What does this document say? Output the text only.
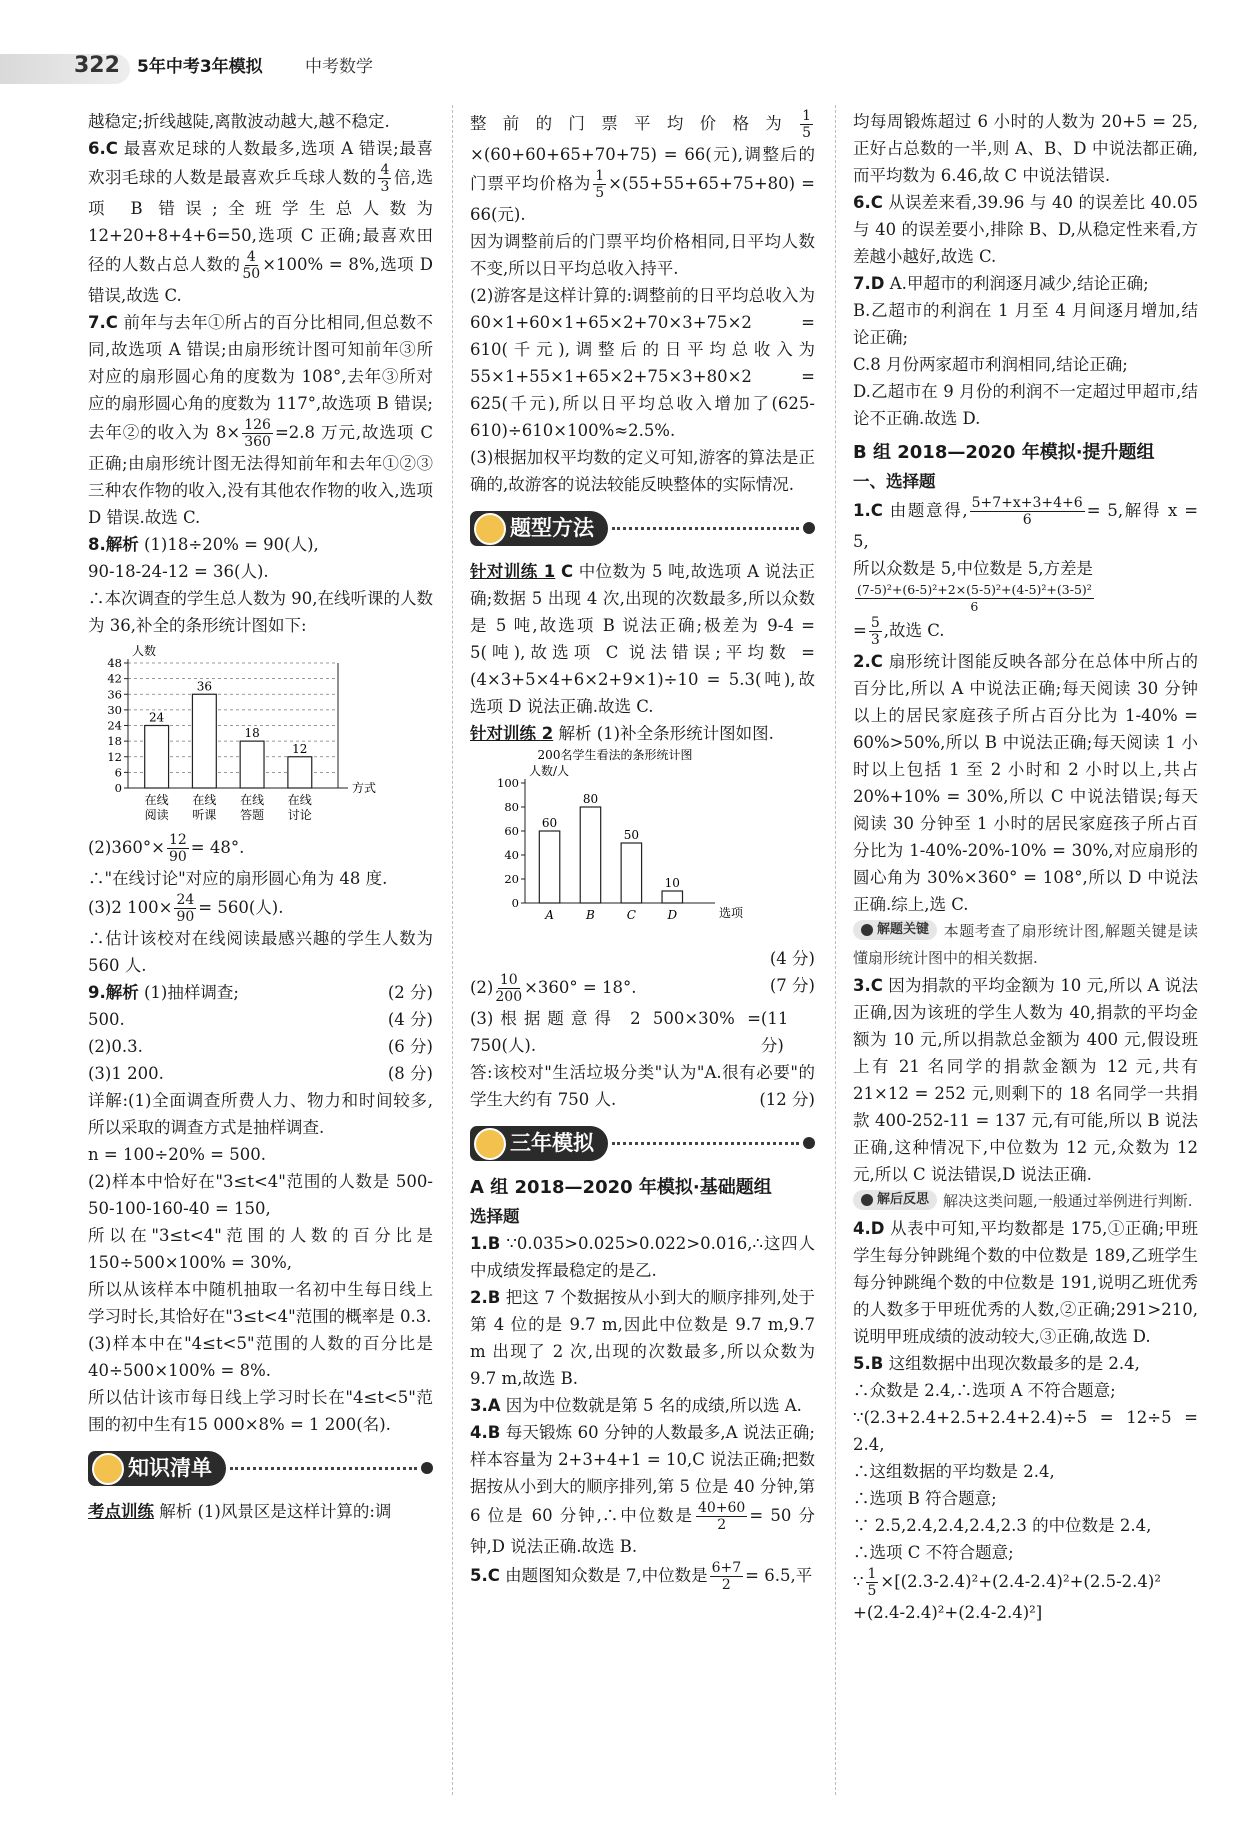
322 5年中考3年模拟 中考数学

越稳定;折线越陡,离散波动越大,越不稳定.

6.C 最喜欢足球的人数最多,选项 A 错误;最喜欢羽毛球的人数是最喜欢乒乓球人数的 $\frac{4}{3}$ 倍,选项 B 错误;全班学生总人数为 12+20+8+4+6=50,选项 C 正确;最喜欢田径的人数占总人数的 $\frac{4}{50} \times 100\% = 8\%$,选项 D 错误,故选 C.

7.C 前年与去年①所占的百分比相同,但总数不同,故选项 A 错误;由扇形统计图可知前年③所对应的扇形圆心角的度数为 108°,去年③所对应的扇形圆心角的度数为 117°,故选项 B 错误;去年②的收入为 $8\times \frac{126}{360} =2.8$ 万元,故选项 C 正确;由扇形统计图无法得知前年和去年①②③三种农作物的收入,没有其他农作物的收入,选项 D 错误.故选 C.

8.解析 (1)18÷20% = 90(人),

90-18-24-12 = 36(人).

∴本次调查的学生总人数为 90,在线听课的人数为 36,补全的条形统计图如下:

人数
0
6
12
18
24
30
36
42
48
24
在线
阅读
36
在线
听课
18
在线
答题
12
在线
讨论
方式

$(2)360^\circ\times \frac{12}{90} = 48^\circ$.

∴"在线讨论"对应的扇形圆心角为 48 度.

(3)2 $100\times \frac{24}{90} = 560$(人).

∴估计该校对在线阅读最感兴趣的学生人数为 560 人.

9.解析 (1)抽样调查;	(2 分)

500.	(4 分)

(2)0.3.	(6 分)

(3)1 200.	(8 分)

详解:(1)全面调查所费人力、物力和时间较多,所以采取的调查方式是抽样调查.

n = 100÷20% = 500.

(2)样本中恰好在"3≤t<4"范围的人数是 500-50-100-160-40 = 150,

所以在"3≤t<4"范围的人数的百分比是 150÷500×100% = 30%,

所以从该样本中随机抽取一名初中生每日线上学习时长,其恰好在"3≤t<4"范围的概率是 0.3.

(3)样本中在"4≤t<5"范围的人数的百分比是 40÷500×100% = 8%.

所以估计该市每日线上学习时长在"4≤t<5"范围的初中生有15 000×8% = 1 200(名).

知识清单

考点训练 解析 (1)风景区是这样计算的:调

整前的门票平均价格为 $\frac{1}{5}$
×(60+60+65+70+75) = 66(元),调整后的门票平均价格为 $\frac{1}{5} \times(55+55+65+75+80) = 66$(元).

因为调整前后的门票平均价格相同,日平均人数不变,所以日平均总收入持平.

(2)游客是这样计算的:调整前的日平均总收入为 60×1+60×1+65×2+70×3+75×2 = 610(千元),调整后的日平均总收入为 55×1+55×1+65×2+75×3+80×2 = 625(千元),所以日平均总收入增加了(625-610)÷610×100%≈2.5%.

(3)根据加权平均数的定义可知,游客的算法是正确的,故游客的说法较能反映整体的实际情况.

题型方法

针对训练 1 C 中位数为 5 吨,故选项 A 说法正确;数据 5 出现 4 次,出现的次数最多,所以众数是 5 吨,故选项 B 说法正确;极差为 9-4 = 5(吨),故选项 C 说法错误;平均数 = (4×3+5×4+6×2+9×1)÷10 = 5.3(吨),故选项 D 说法正确.故选 C.

针对训练 2 解析 (1)补全条形统计图如图.

200名学生看法的条形统计图
人数/人
0
20
40
60
80
100
60
A
80
B
50
C
10
D	选项

(4 分)

$(2) \frac{10}{200} \times 360^\circ = 18^\circ$.	(7 分)

(3)根据题意得 2 500×30% = 750(人).
(11 分)

答:该校对"生活垃圾分类"认为"A.很有必要"的学生大约有 750 人.	(12 分)

三年模拟
A 组 2018—2020 年模拟·基础题组
选择题

1.B ∵0.035>0.025>0.022>0.016,∴这四人中成绩发挥最稳定的是乙.

2.B 把这 7 个数据按从小到大的顺序排列,处于第 4 位的是 9.7 m,因此中位数是 9.7 m,9.7 m 出现了 2 次,出现的次数最多,所以众数为 9.7 m,故选 B.

3.A 因为中位数就是第 5 名的成绩,所以选 A.

4.B 每天锻炼 60 分钟的人数最多,A 说法正确;样本容量为 2+3+4+1 = 10,C 说法正确;把数据按从小到大的顺序排列,第 5 位是 40 分钟,第 6 位是 60 分钟,∴中位数是 $\frac{40+60}{2} = 50$ 分钟,D 说法正确.故选 B.

5.C 由题图知众数是 7,中位数是 $\frac{6+7}{2} = 6.5$,平

均每周锻炼超过 6 小时的人数为 20+5 = 25,正好占总数的一半,则 A、B、D 中说法都正确,而平均数为 6.46,故 C 中说法错误.

6.C 从误差来看,39.96 与 40 的误差比 40.05 与 40 的误差要小,排除 B、D,从稳定性来看,方差越小越好,故选 C.

7.D A.甲超市的利润逐月减少,结论正确;

B.乙超市的利润在 1 月至 4 月间逐月增加,结论正确;

C.8 月份两家超市利润相同,结论正确;

D.乙超市在 9 月份的利润不一定超过甲超市,结论不正确.故选 D.

B 组 2018—2020 年模拟·提升题组
一、选择题

1.C 由题意得, $\frac{5+7+x+3+4+6}{6} = 5$,解得 x = 5,

所以众数是 5,中位数是 5,方差是

$\frac{\text{(7-5)²+(6-5)²+2×(5-5)²+(4-5)²+(3-5)²}}{6}$

= $\frac{5}{3}$ ,故选 C.

2.C 扇形统计图能反映各部分在总体中所占的百分比,所以 A 中说法正确;每天阅读 30 分钟以上的居民家庭孩子所占百分比为 1-40% = 60%>50%,所以 B 中说法正确;每天阅读 1 小时以上包括 1 至 2 小时和 2 小时以上,共占 20%+10% = 30%,所以 C 中说法错误;每天阅读 30 分钟至 1 小时的居民家庭孩子所占百分比为 1-40%-20%-10% = 30%,对应扇形的圆心角为 30%×360° = 108°,所以 D 中说法正确.综上,选 C.

解题关键 本题考查了扇形统计图,解题关键是读懂扇形统计图中的相关数据.

3.C 因为捐款的平均金额为 10 元,所以 A 说法正确,因为该班的学生人数为 40,捐款的平均金额为 10 元,所以捐款总金额为 400 元,假设班上有 21 名同学的捐款金额为 12 元,共有 21×12 = 252 元,则剩下的 18 名同学一共捐款 400-252-11 = 137 元,有可能,所以 B 说法正确,这种情况下,中位数为 12 元,众数为 12 元,所以 C 说法错误,D 说法正确.

解后反思 解决这类问题,一般通过举例进行判断.

4.D 从表中可知,平均数都是 175,①正确;甲班学生每分钟跳绳个数的中位数是 189,乙班学生每分钟跳绳个数的中位数是 191,说明乙班优秀的人数多于甲班优秀的人数,②正确;291>210,说明甲班成绩的波动较大,③正确,故选 D.

5.B 这组数据中出现次数最多的是 2.4,

∴众数是 2.4,∴选项 A 不符合题意;

∵(2.3+2.4+2.5+2.4+2.4)÷5 = 12÷5 = 2.4,

∴这组数据的平均数是 2.4,

∴选项 B 符合题意;

∵ 2.5,2.4,2.4,2.4,2.3 的中位数是 2.4,

∴选项 C 不符合题意;

∵ $\frac{1}{5} \times[(2.3-2.4)^2+(2.4-2.4)^2+(2.5-2.4)^2$

+(2.4-2.4)²+(2.4-2.4)²]
